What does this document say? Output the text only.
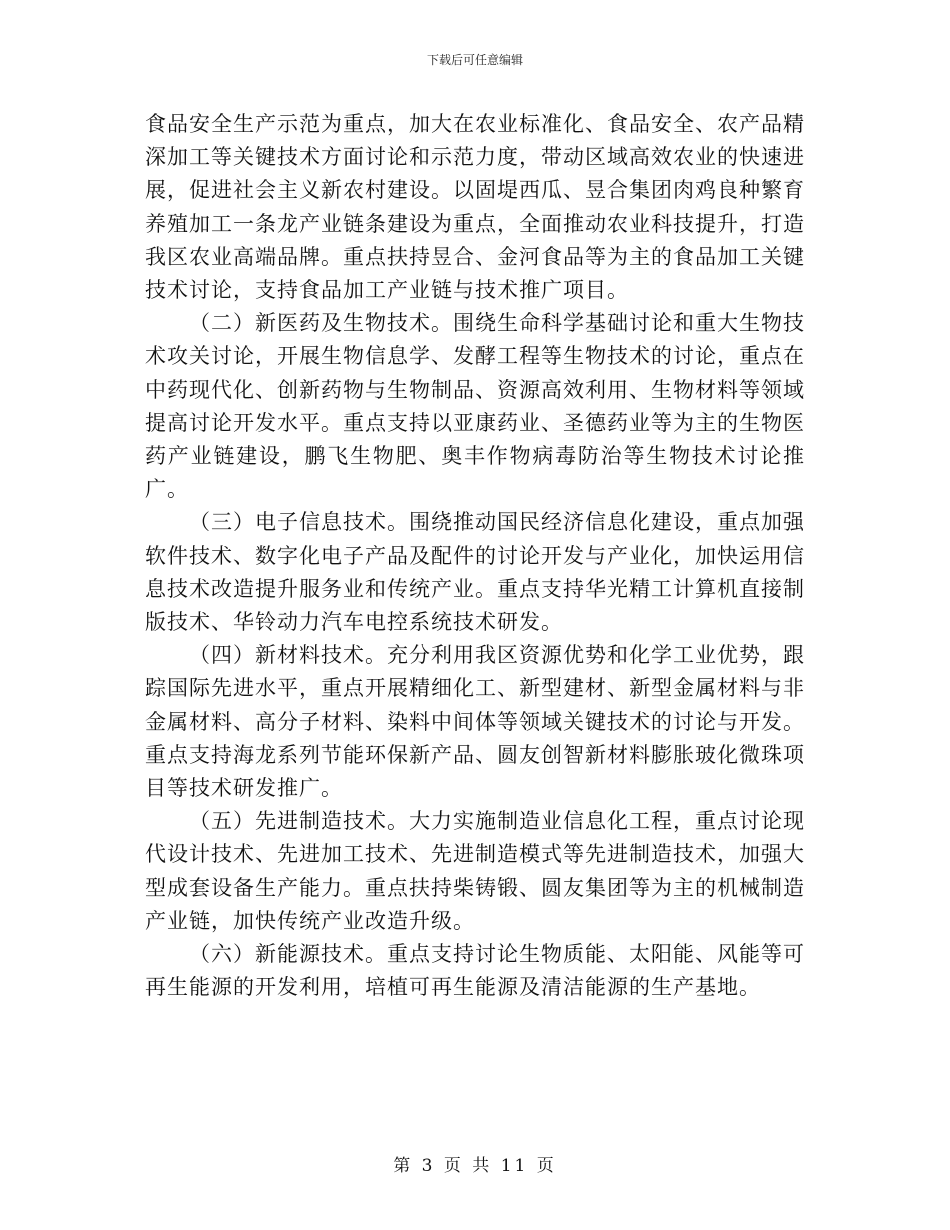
下载后可任意编辑

食品安全生产示范为重点，加大在农业标准化、食品安全、农产品精深加工等关键技术方面讨论和示范力度，带动区域高效农业的快速进展，促进社会主义新农村建设。以固堤西瓜、昱合集团肉鸡良种繁育养殖加工一条龙产业链条建设为重点，全面推动农业科技提升，打造我区农业高端品牌。重点扶持昱合、金河食品等为主的食品加工关键技术讨论，支持食品加工产业链与技术推广项目。

（二）新医药及生物技术。围绕生命科学基础讨论和重大生物技术攻关讨论，开展生物信息学、发酵工程等生物技术的讨论，重点在中药现代化、创新药物与生物制品、资源高效利用、生物材料等领域提高讨论开发水平。重点支持以亚康药业、圣德药业等为主的生物医药产业链建设，鹏飞生物肥、奥丰作物病毒防治等生物技术讨论推广。

（三）电子信息技术。围绕推动国民经济信息化建设，重点加强软件技术、数字化电子产品及配件的讨论开发与产业化，加快运用信息技术改造提升服务业和传统产业。重点支持华光精工计算机直接制版技术、华铃动力汽车电控系统技术研发。

（四）新材料技术。充分利用我区资源优势和化学工业优势，跟踪国际先进水平，重点开展精细化工、新型建材、新型金属材料与非金属材料、高分子材料、染料中间体等领域关键技术的讨论与开发。重点支持海龙系列节能环保新产品、圆友创智新材料膨胀玻化微珠项目等技术研发推广。

（五）先进制造技术。大力实施制造业信息化工程，重点讨论现代设计技术、先进加工技术、先进制造模式等先进制造技术，加强大型成套设备生产能力。重点扶持柴铸锻、圆友集团等为主的机械制造产业链，加快传统产业改造升级。

（六）新能源技术。重点支持讨论生物质能、太阳能、风能等可再生能源的开发利用，培植可再生能源及清洁能源的生产基地。

第 3 页 共 11 页
